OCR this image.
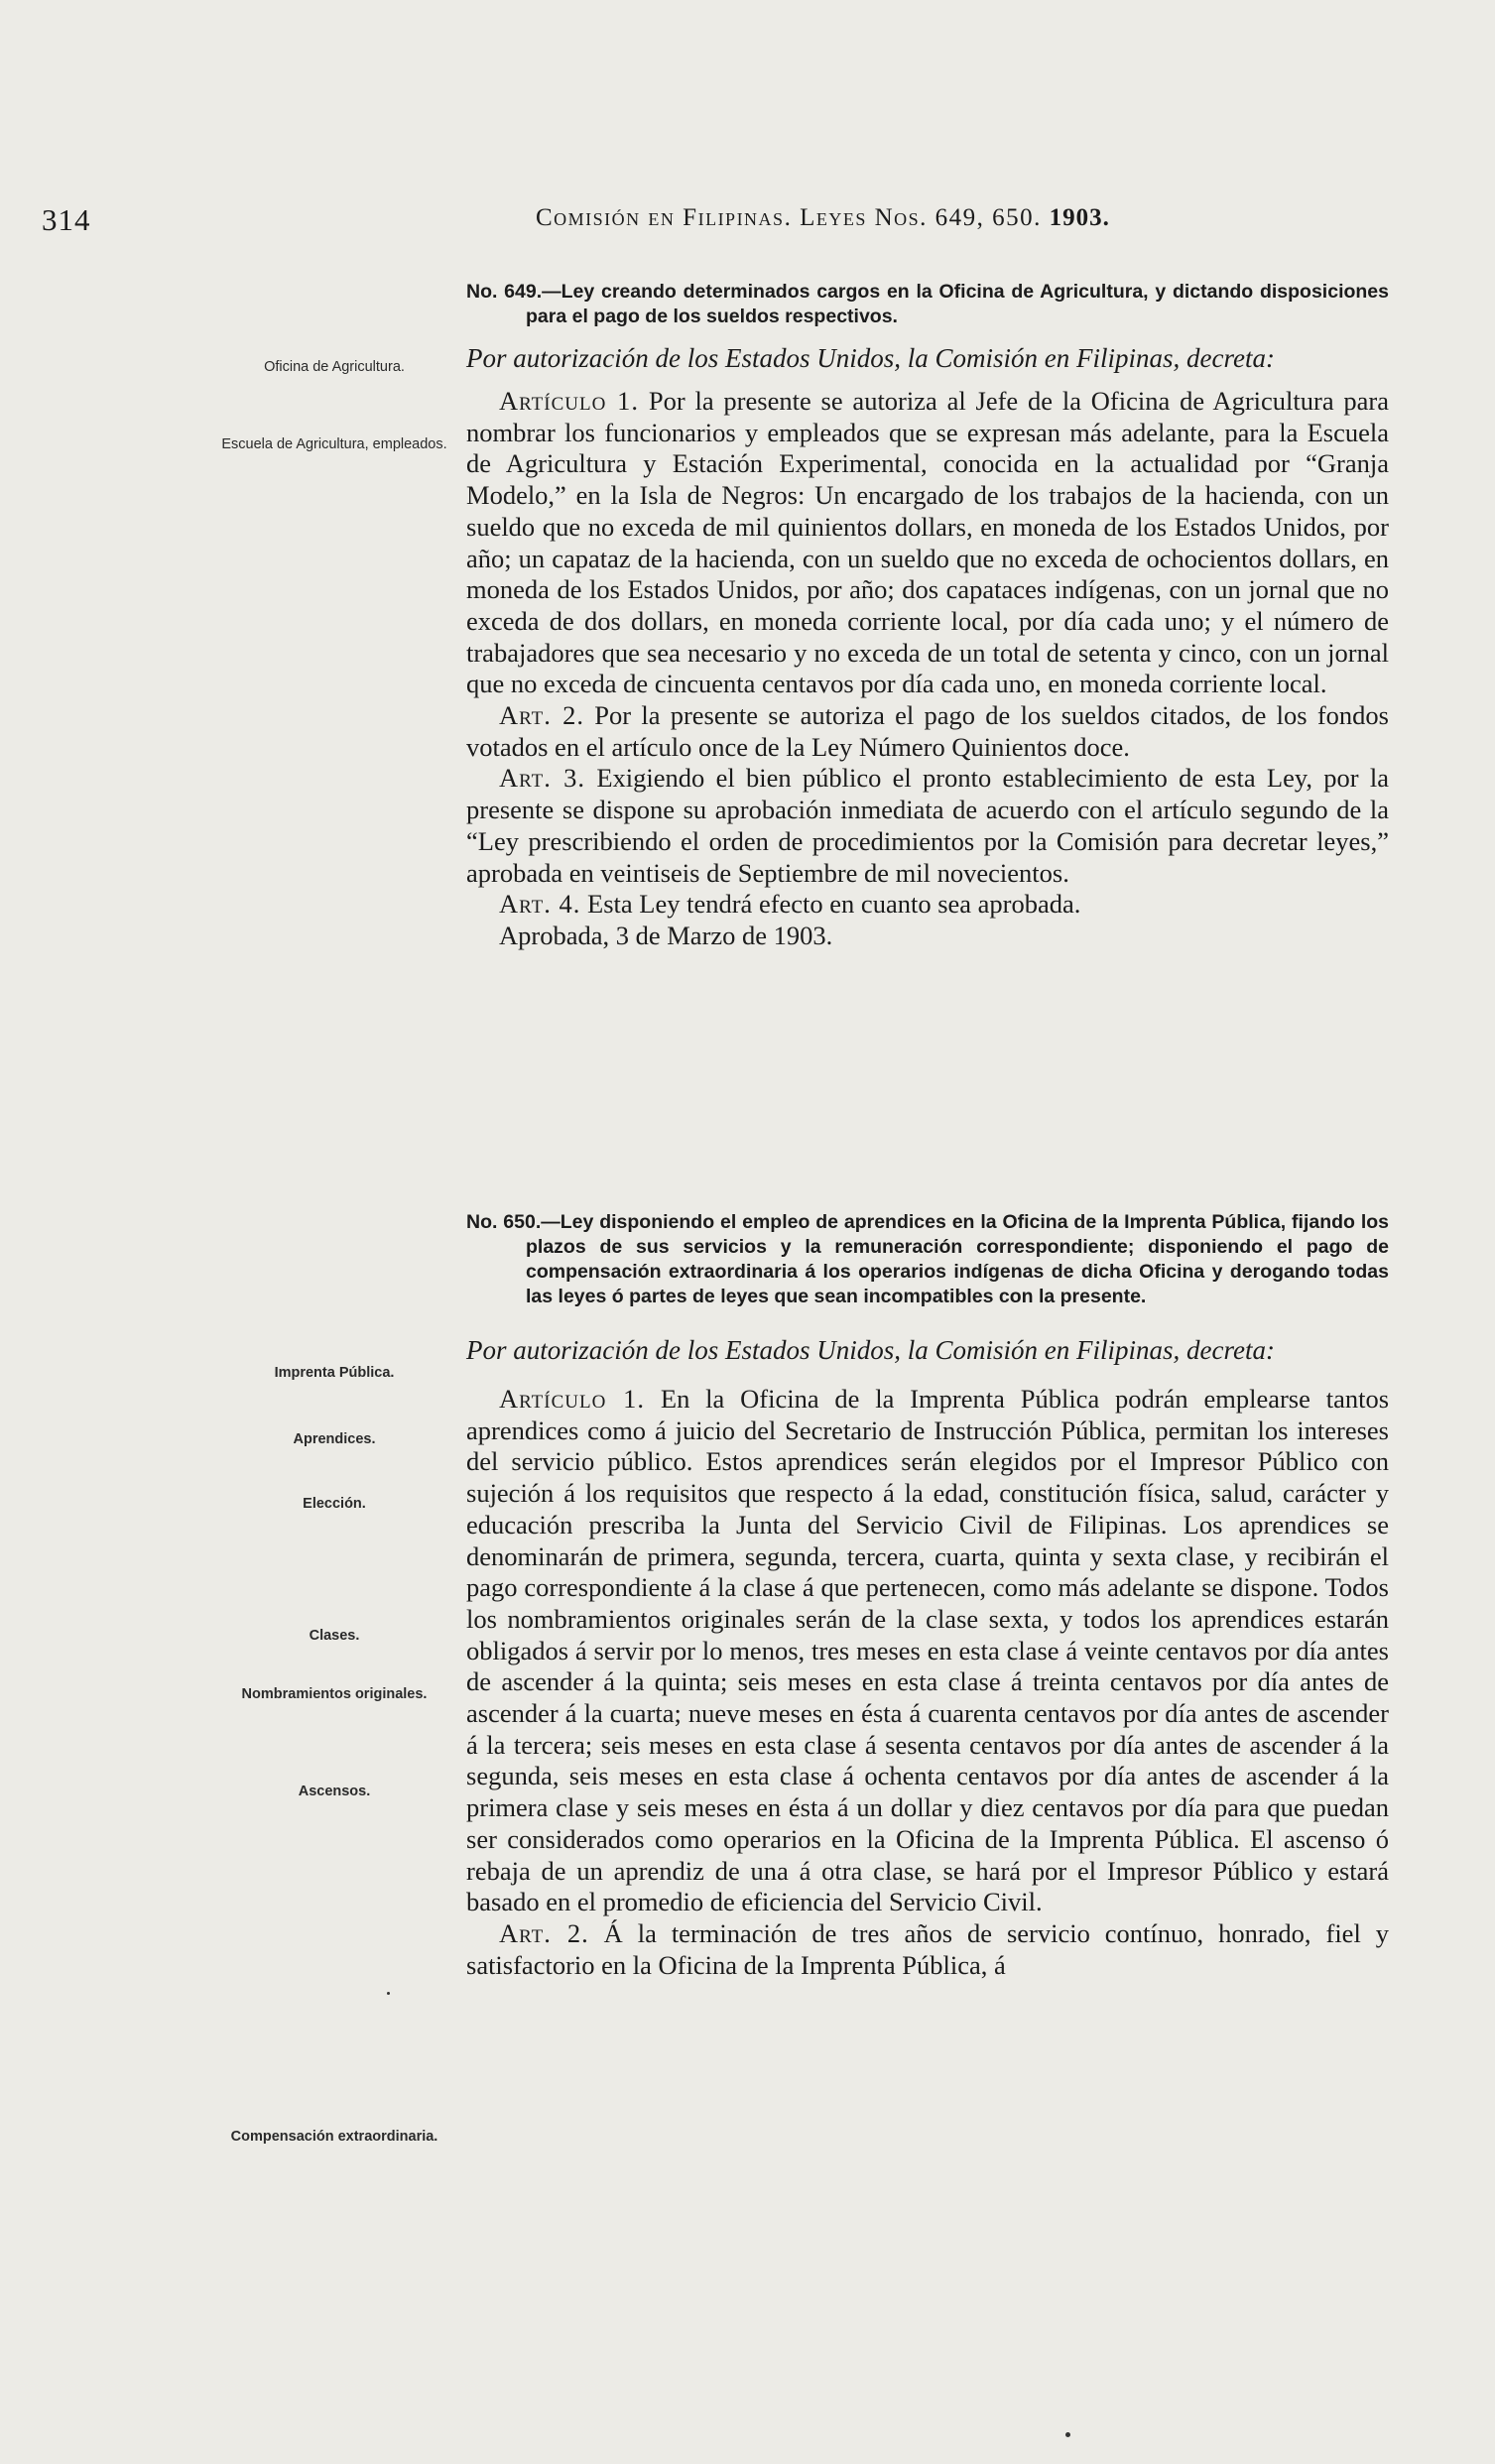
314	Comisión en Filipinas. Leyes Nos. 649, 650. 1903.

No. 649.—Ley creando determinados cargos en la Oficina de Agricultura, y dictando disposiciones para el pago de los sueldos respectivos.

Por autorización de los Estados Unidos, la Comisión en Filipinas, decreta:

Artículo 1. Por la presente se autoriza al Jefe de la Oficina de Agricultura para nombrar los funcionarios y empleados que se expresan más adelante, para la Escuela de Agricultura y Estación Experimental, conocida en la actualidad por “Granja Modelo,” en la Isla de Negros: Un encargado de los trabajos de la hacienda, con un sueldo que no exceda de mil quinientos dollars, en moneda de los Estados Unidos, por año; un capataz de la hacienda, con un sueldo que no exceda de ochocientos dollars, en moneda de los Estados Unidos, por año; dos capataces indígenas, con un jornal que no exceda de dos dollars, en moneda corriente local, por día cada uno; y el número de trabajadores que sea necesario y no exceda de un total de setenta y cinco, con un jornal que no exceda de cincuenta centavos por día cada uno, en moneda corriente local.

Art. 2. Por la presente se autoriza el pago de los sueldos citados, de los fondos votados en el artículo once de la Ley Número Quinientos doce.

Art. 3. Exigiendo el bien público el pronto establecimiento de esta Ley, por la presente se dispone su aprobación inmediata de acuerdo con el artículo segundo de la “Ley prescribiendo el orden de procedimientos por la Comisión para decretar leyes,” aprobada en veintiseis de Septiembre de mil novecientos.

Art. 4. Esta Ley tendrá efecto en cuanto sea aprobada.

Aprobada, 3 de Marzo de 1903.

No. 650.—Ley disponiendo el empleo de aprendices en la Oficina de la Imprenta Pública, fijando los plazos de sus servicios y la remuneración correspondiente; disponiendo el pago de compensación extraordinaria á los operarios indígenas de dicha Oficina y derogando todas las leyes ó partes de leyes que sean incompatibles con la presente.

Por autorización de los Estados Unidos, la Comisión en Filipinas, decreta:

Artículo 1. En la Oficina de la Imprenta Pública podrán emplearse tantos aprendices como á juicio del Secretario de Instrucción Pública, permitan los intereses del servicio público. Estos aprendices serán elegidos por el Impresor Público con sujeción á los requisitos que respecto á la edad, constitución física, salud, carácter y educación prescriba la Junta del Servicio Civil de Filipinas. Los aprendices se denominarán de primera, segunda, tercera, cuarta, quinta y sexta clase, y recibirán el pago correspondiente á la clase á que pertenecen, como más adelante se dispone. Todos los nombramientos originales serán de la clase sexta, y todos los aprendices estarán obligados á servir por lo menos, tres meses en esta clase á veinte centavos por día antes de ascender á la quinta; seis meses en esta clase á treinta centavos por día antes de ascender á la cuarta; nueve meses en ésta á cuarenta centavos por día antes de ascender á la tercera; seis meses en esta clase á sesenta centavos por día antes de ascender á la segunda, seis meses en esta clase á ochenta centavos por día antes de ascender á la primera clase y seis meses en ésta á un dollar y diez centavos por día para que puedan ser considerados como operarios en la Oficina de la Imprenta Pública. El ascenso ó rebaja de un aprendiz de una á otra clase, se hará por el Impresor Público y estará basado en el promedio de eficiencia del Servicio Civil.

Art. 2. Á la terminación de tres años de servicio contínuo, honrado, fiel y satisfactorio en la Oficina de la Imprenta Pública, á

Oficina de Agricultura.
Escuela de Agricultura, empleados.
Imprenta Pública.
Aprendices.
Elección.
Clases.
Nombramientos originales.
Ascensos.
Compensación extraordinaria.
